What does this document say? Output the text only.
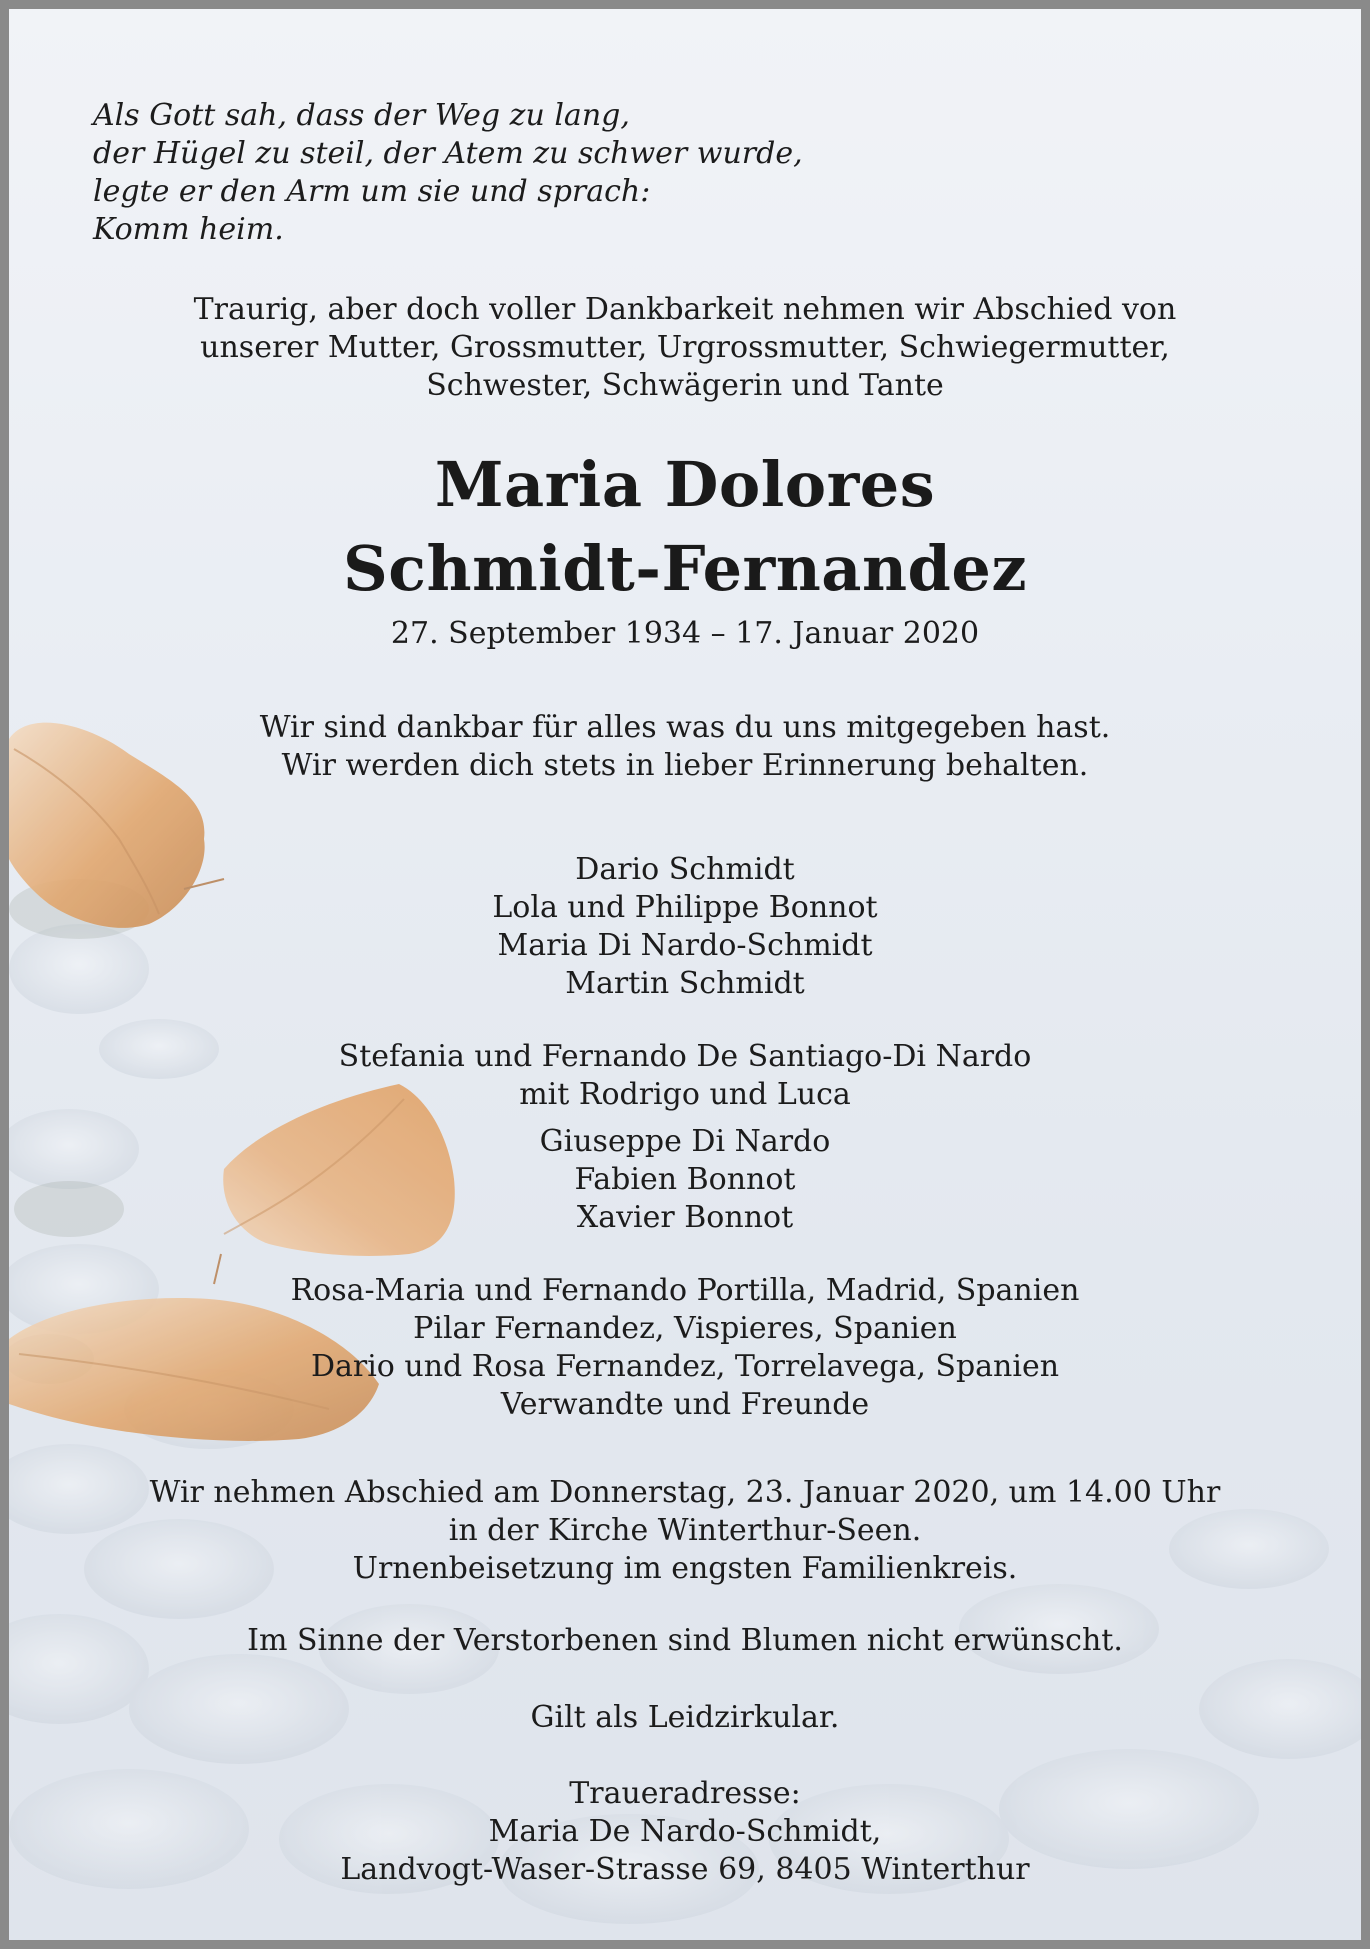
Als Gott sah, dass der Weg zu lang,
der Hügel zu steil, der Atem zu schwer wurde,
legte er den Arm um sie und sprach:
Komm heim.
Traurig, aber doch voller Dankbarkeit nehmen wir Abschied von
unserer Mutter, Grossmutter, Urgrossmutter, Schwiegermutter,
Schwester, Schwägerin und Tante
Maria Dolores
Schmidt-Fernandez
27. September 1934 – 17. Januar 2020
Wir sind dankbar für alles was du uns mitgegeben hast.
Wir werden dich stets in lieber Erinnerung behalten.
Dario Schmidt
Lola und Philippe Bonnot
Maria Di Nardo-Schmidt
Martin Schmidt
Stefania und Fernando De Santiago-Di Nardo
mit Rodrigo und Luca
Giuseppe Di Nardo
Fabien Bonnot
Xavier Bonnot
Rosa-Maria und Fernando Portilla, Madrid, Spanien
Pilar Fernandez, Vispieres, Spanien
Dario und Rosa Fernandez, Torrelavega, Spanien
Verwandte und Freunde
Wir nehmen Abschied am Donnerstag, 23. Januar 2020, um 14.00 Uhr
in der Kirche Winterthur-Seen.
Urnenbeisetzung im engsten Familienkreis.
Im Sinne der Verstorbenen sind Blumen nicht erwünscht.
Gilt als Leidzirkular.
Traueradresse:
Maria De Nardo-Schmidt,
Landvogt-Waser-Strasse 69, 8405 Winterthur
